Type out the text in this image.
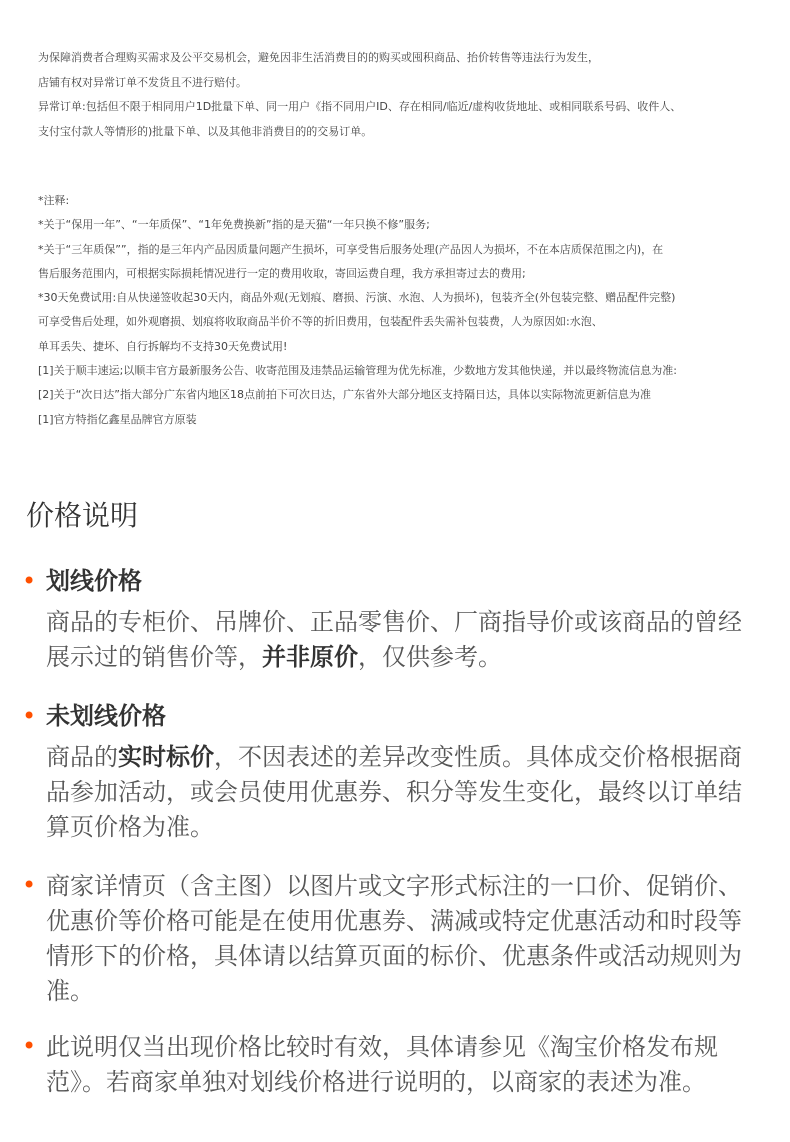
为保障消费者合理购买需求及公平交易机会，避免因非生活消费目的的购买或囤积商品、抬价转售等违法行为发生，
店铺有权对异常订单不发货且不进行赔付。
异常订单:包括但不限于相同用户1D批量下单、同一用户《指不同用户ID、存在相同/临近/虚构收货地址、或相同联系号码、收件人、
支付宝付款人等情形的)批量下单、以及其他非消费目的的交易订单。
*注释:
*关于“保用一年”、“一年质保”、“1年免费换新”指的是天猫“一年只换不修”服务;
*关于“三年质保””，指的是三年内产品因质量问题产生损坏，可享受售后服务处理(产品因人为损坏，不在本店质保范围之内)，在
售后服务范围内，可根据实际损耗情况进行一定的费用收取，寄回运费自理，我方承担寄过去的费用;
*30天免费试用:自从快递签收起30天内，商品外观(无划痕、磨损、污演、水泡、人为损坏)，包装齐全(外包装完整、赠品配件完整)
可享受售后处理，如外观磨损、划痕将收取商品半价不等的折旧费用，包装配件丢失需补包装费，人为原因如:水泡、
单耳丢失、捷坏、自行拆解均不支持30天免费试用!
[1]关于顺丰速运;以顺丰官方最新服务公告、收寄范围及违禁品运输管理为优先标准，少数地方发其他快递，并以最终物流信息为准:
[2]关于“次日达”指大部分广东省内地区18点前拍下可次日达，广东省外大部分地区支持隔日达，具体以实际物流更新信息为准
[1]官方特指亿鑫星品牌官方原装
价格说明
• 划线价格
商品的专柜价、吊牌价、正品零售价、厂商指导价或该商品的曾经展示过的销售价等，并非原价，仅供参考。
• 未划线价格
商品的实时标价，不因表述的差异改变性质。具体成交价格根据商品参加活动，或会员使用优惠券、积分等发生变化，最终以订单结算页价格为准。
• 商家详情页（含主图）以图片或文字形式标注的一口价、促销价、优惠价等价格可能是在使用优惠券、满减或特定优惠活动和时段等情形下的价格，具体请以结算页面的标价、优惠条件或活动规则为准。
• 此说明仅当出现价格比较时有效，具体请参见《淘宝价格发布规范》。若商家单独对划线价格进行说明的，以商家的表述为准。
